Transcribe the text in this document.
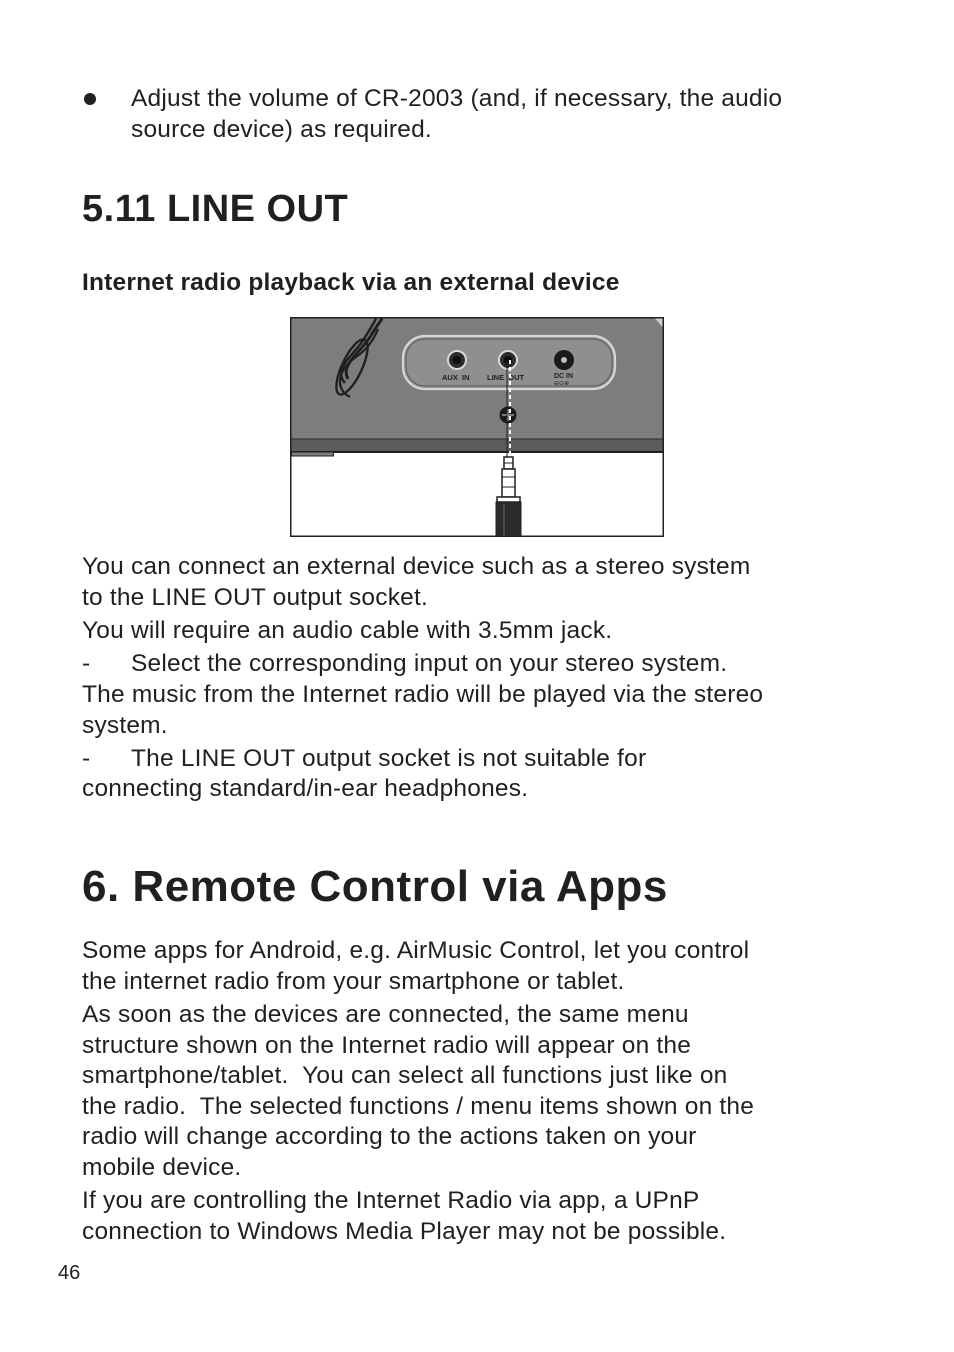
Adjust the volume of CR-2003 (and, if necessary, the audio
source device) as required.
5.11 LINE OUT
Internet radio playback via an external device
AUX  IN LINE  OUT	DC IN
⊖⊙⊕
You can connect an external device such as a stereo system
to the LINE OUT output socket.
You will require an audio cable with 3.5mm jack.
- Select the corresponding input on your stereo system.
The music from the Internet radio will be played via the stereo
system.
- The LINE OUT output socket is not suitable for
connecting standard/in-ear headphones.
6. Remote Control via Apps
Some apps for Android, e.g. AirMusic Control, let you control
the internet radio from your smartphone or tablet.
As soon as the devices are connected, the same menu
structure shown on the Internet radio will appear on the
smartphone/tablet.  You can select all functions just like on
the radio.  The selected functions / menu items shown on the
radio will change according to the actions taken on your
mobile device.
If you are controlling the Internet Radio via app, a UPnP
connection to Windows Media Player may not be possible.
46
